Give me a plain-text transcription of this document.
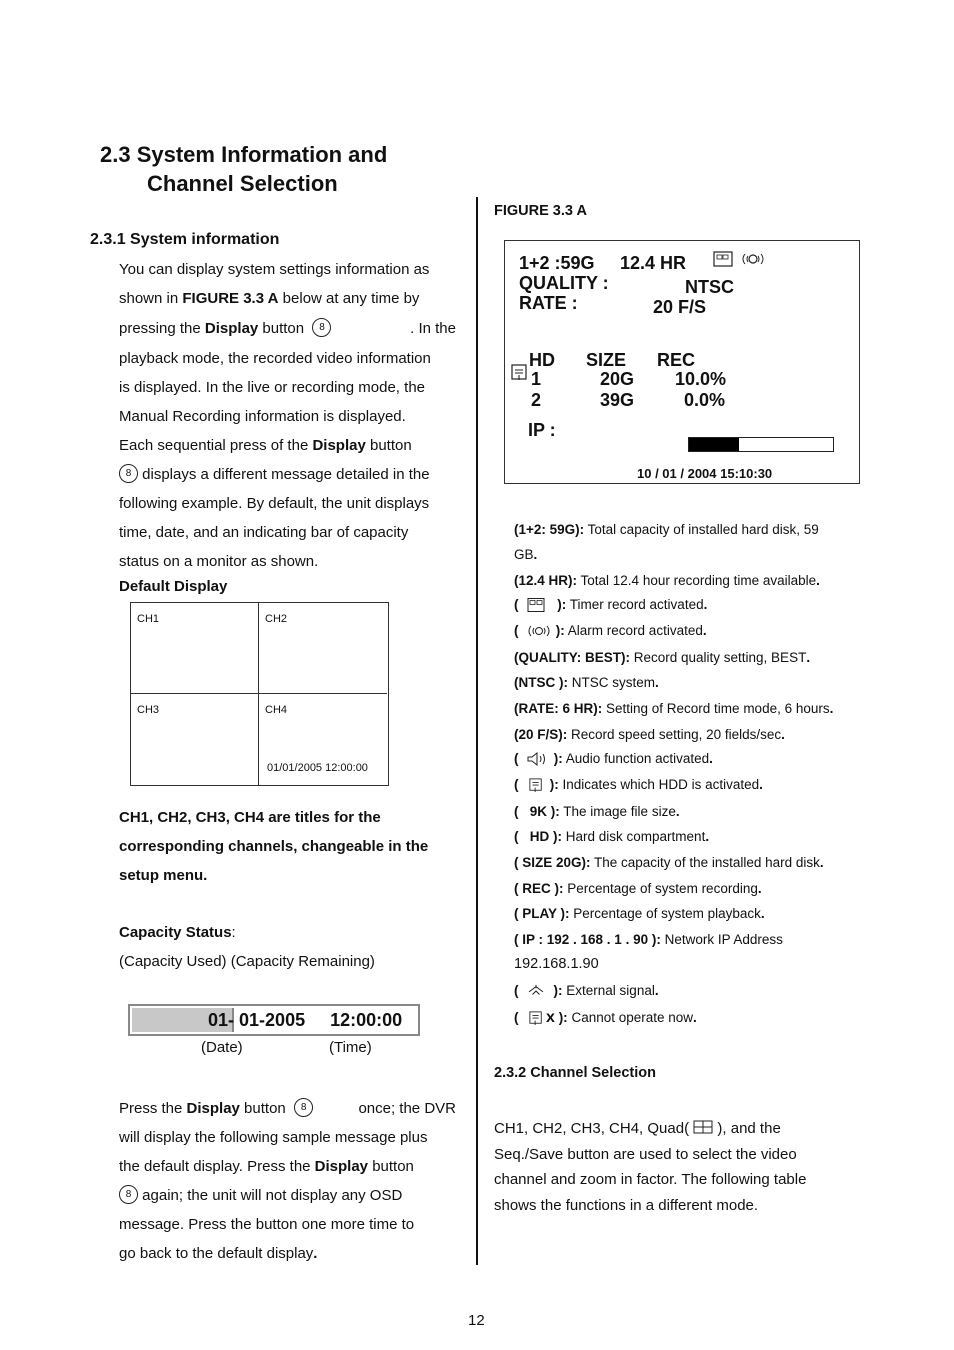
2.3 System Information and
Channel Selection
2.3.1 System information
You can display system settings information as
shown in FIGURE 3.3 A below at any time by
pressing the Display button 8	. In the
playback mode, the recorded video information
is displayed. In the live or recording mode, the
Manual Recording information is displayed.
Each sequential press of the Display button
8 displays a different message detailed in the
following example. By default, the unit displays
time, date, and an indicating bar of capacity
status on a monitor as shown.
Default Display
CH1	CH2
CH3	CH4
01/01/2005 12:00:00
CH1, CH2, CH3, CH4 are titles for the
corresponding channels, changeable in the
setup menu.
Capacity Status:
(Capacity Used) (Capacity Remaining)
01- 01-2005 12:00:00
(Date)	(Time)
Press the Display button 8	once; the DVR
will display the following sample message plus
the default display. Press the Display button
8 again; the unit will not display any OSD
message. Press the button one more time to
go back to the default display.
FIGURE 3.3 A
1+2 :59G 12.4 HR
QUALITY :	NTSC
RATE :	20 F/S
HD SIZE REC
1	20G 10.0%
2	39G	0.0%
IP :
10 / 01 / 2004 15:10:30
(1+2: 59G): Total capacity of installed hard disk, 59
GB.
(12.4 HR): Total 12.4 hour recording time available.
(	): Timer record activated.
(	): Alarm record activated.
(QUALITY: BEST): Record quality setting, BEST.
(NTSC ): NTSC system.
(RATE: 6 HR): Setting of Record time mode, 6 hours.
(20 F/S): Record speed setting, 20 fields/sec.
(	): Audio function activated.
( ): Indicates which HDD is activated.
( 9K ): The image file size.
( HD ): Hard disk compartment.
( SIZE 20G): The capacity of the installed hard disk.
( REC ): Percentage of system recording.
( PLAY ): Percentage of system playback.
( IP : 192 . 168 . 1 . 90 ): Network IP Address
192.168.1.90
(	): External signal.
( x ): Cannot operate now.
2.3.2 Channel Selection
CH1, CH2, CH3, CH4, Quad( ), and the
Seq./Save button are used to select the video
channel and zoom in factor. The following table
shows the functions in a different mode.
12
